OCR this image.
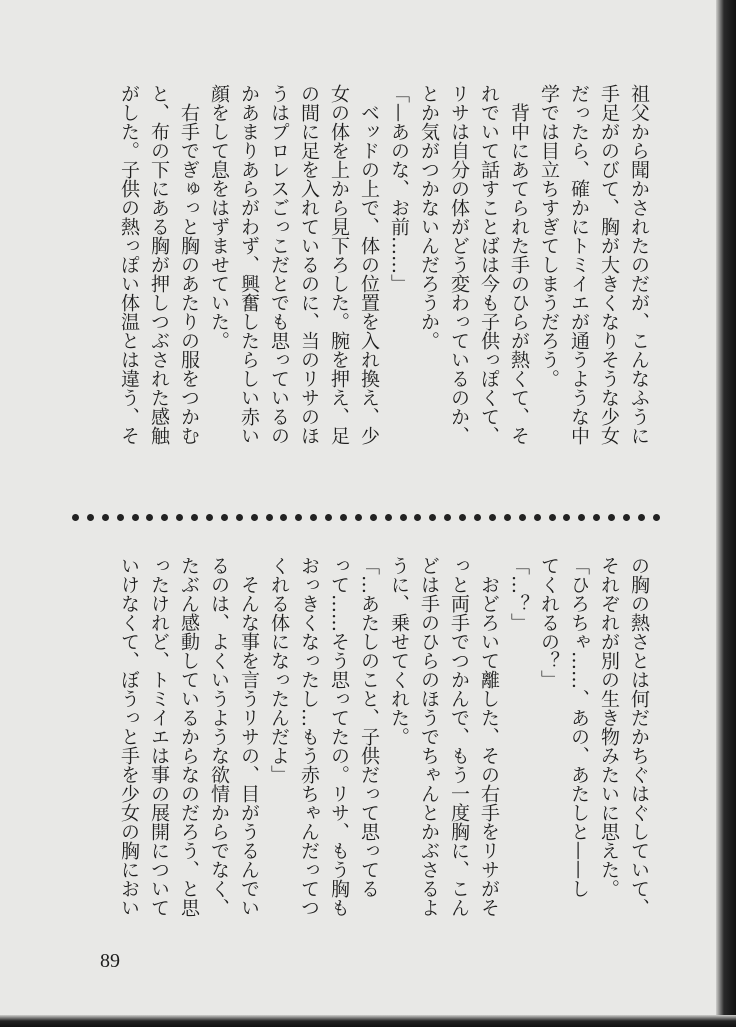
祖父から聞かされたのだが、こんなふうに

手足がのびて、胸が大きくなりそうな少女

だったら、確かにトミイエが通うような中

学では目立ちすぎてしまうだろう。

　背中にあてられた手のひらが熱くて、そ

れでいて話すことばは今も子供っぽくて、

リサは自分の体がどう変わっているのか、

とか気がつかないんだろうか。

「—あのな、お前……」

　ベッドの上で、体の位置を入れ換え、少

女の体を上から見下ろした。腕を押え、足

の間に足を入れているのに、当のリサのほ

うはプロレスごっこだとでも思っているの

かあまりあらがわず、興奮したらしい赤い

顔をして息をはずませていた。

　右手でぎゅっと胸のあたりの服をつかむ

と、布の下にある胸が押しつぶされた感触

がした。子供の熱っぽい体温とは違う、そ

の胸の熱さとは何だかちぐはぐしていて、

それぞれが別の生き物みたいに思えた。

「ひろちゃ……、あの、あたしと——し

てくれるの？」

「…？」

　おどろいて離した、その右手をリサがそ

っと両手でつかんで、もう一度胸に、こん

どは手のひらのほうでちゃんとかぶさるよ

うに、乗せてくれた。

「…あたしのこと、子供だって思ってる

って……そう思ってたの。リサ、もう胸も

おっきくなったし…もう赤ちゃんだってつ

くれる体になったんだよ」

　そんな事を言うリサの、目がうるんでい

るのは、よくいうような欲情からでなく、

たぶん感動しているからなのだろう、と思

ったけれど、トミイエは事の展開について

いけなくて、ぼうっと手を少女の胸におい

89
